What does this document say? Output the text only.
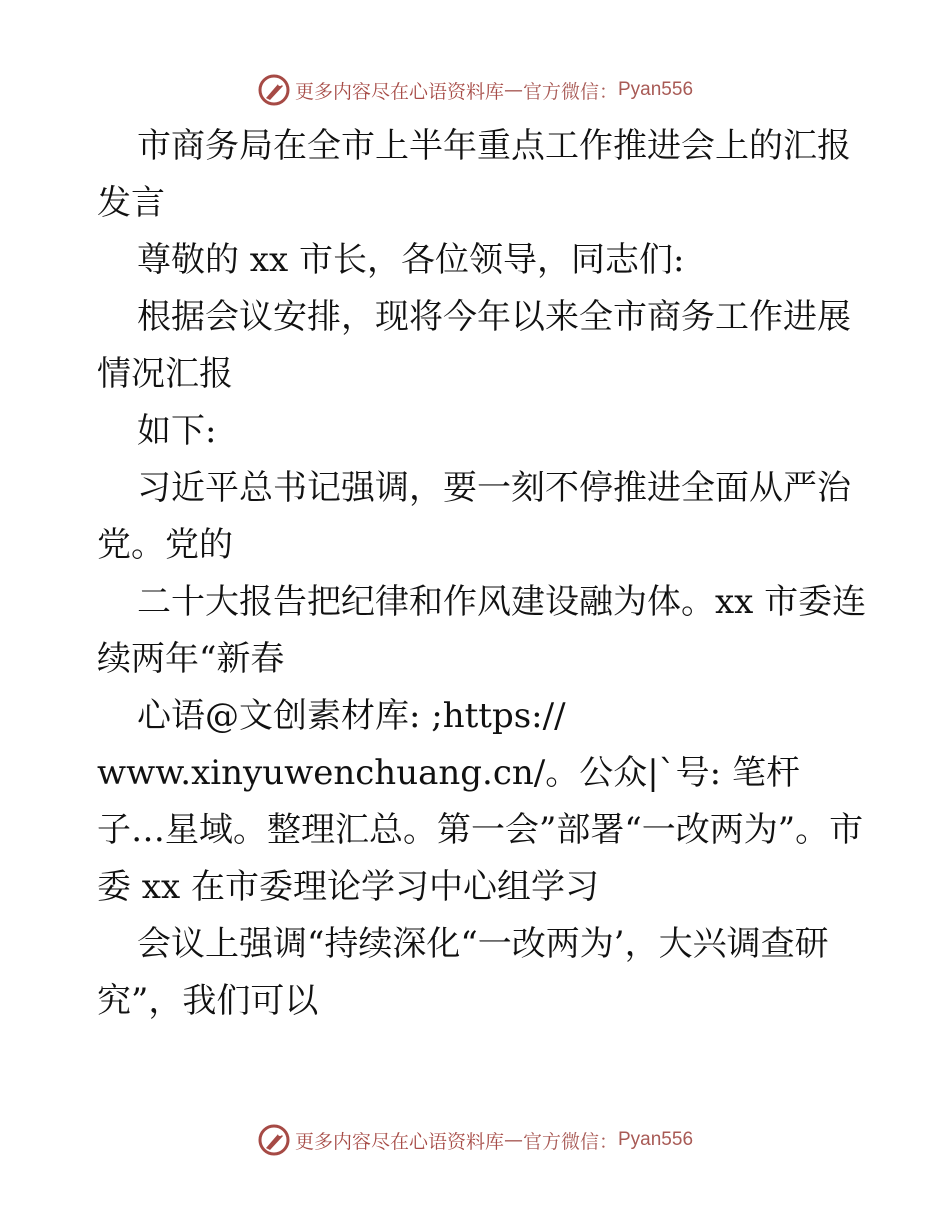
更多内容尽在心语资料库 — 官方微信： Pyan556

市商务局在全市上半年重点工作推进会上的汇报发言

尊敬的 xx 市长，各位领导，同志们:

根据会议安排，现将今年以来全市商务工作进展情况汇报

如下:

习近平总书记强调，要一刻不停推进全面从严治党。党的

二十大报告把纪律和作风建设融为体。xx 市委连续两年“新春

心语@文创素材库: ;https://

www.xinyuwenchuang.cn/。公众|`号: 笔杆子…星域。整理汇总。第一会”部署“一改两为”。市委 xx 在市委理论学习中心组学习

会议上强调“持续深化“一改两为’，大兴调查研究”，我们可以

更多内容尽在心语资料库 — 官方微信： Pyan556
